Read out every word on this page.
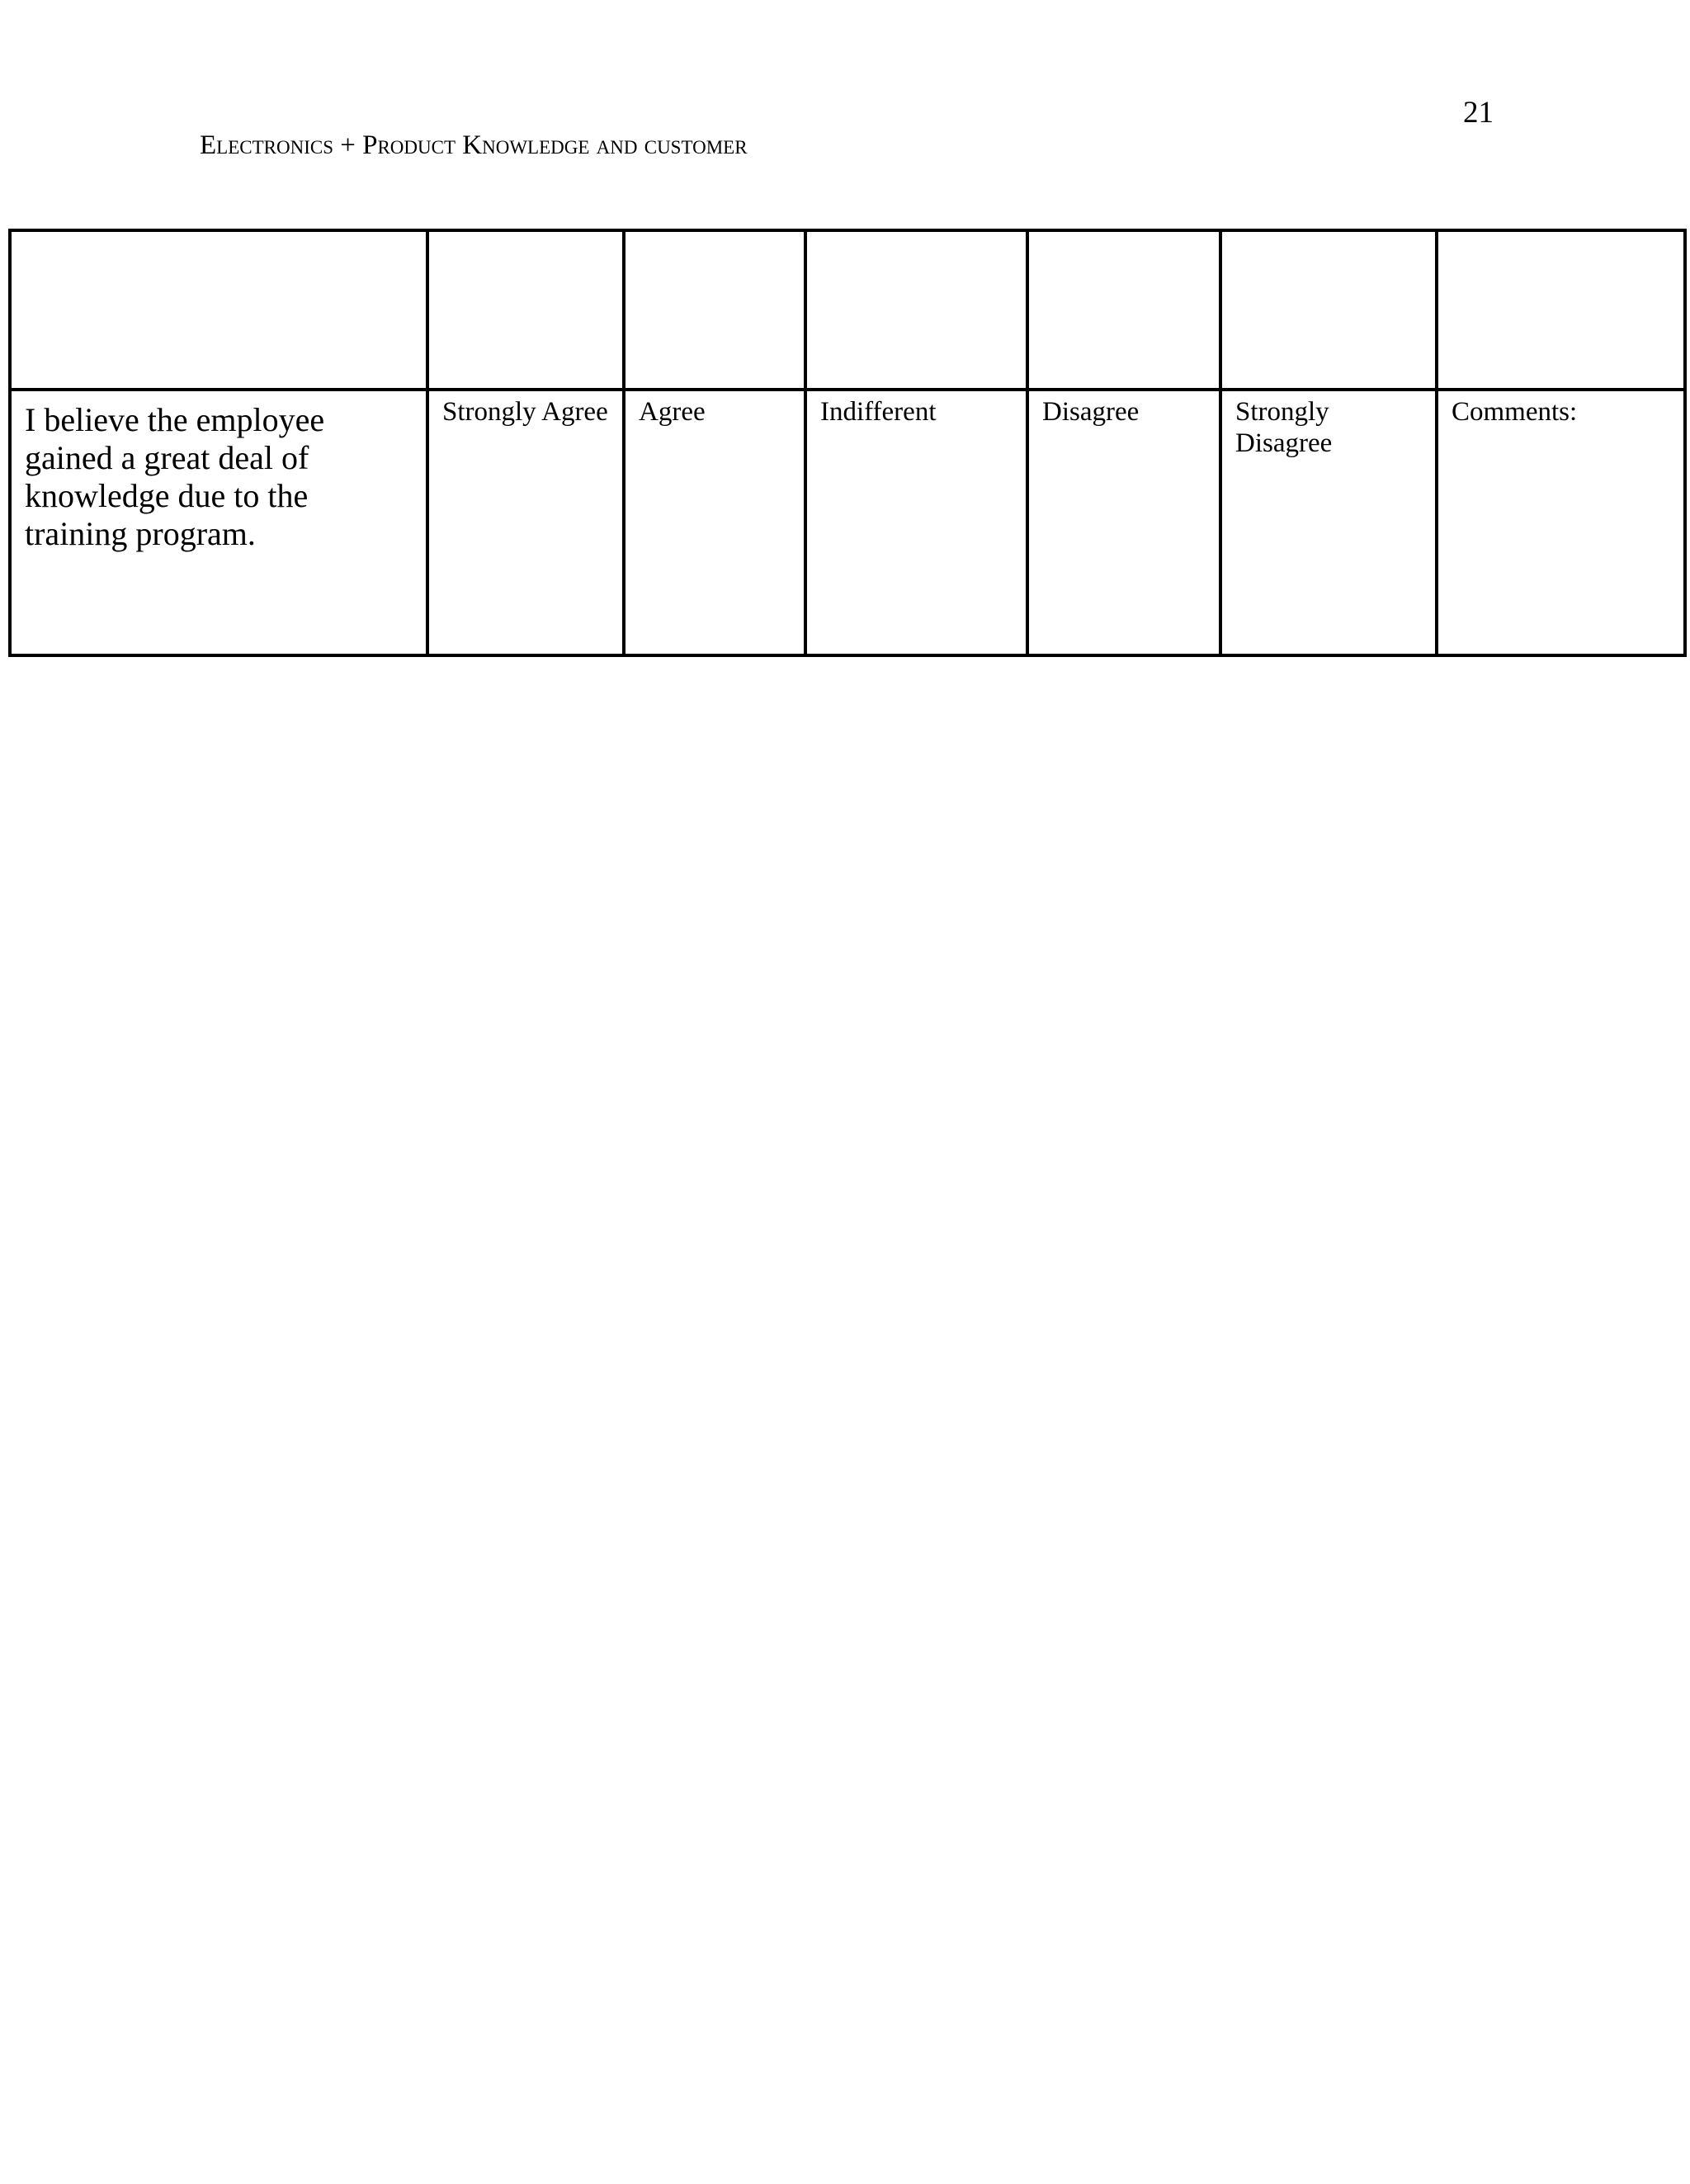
21
Electronics + Product Knowledge and customer

I believe the employee gained a great deal of knowledge due to the training program.	Strongly Agree	Agree	Indifferent	Disagree	Strongly Disagree	Comments:
